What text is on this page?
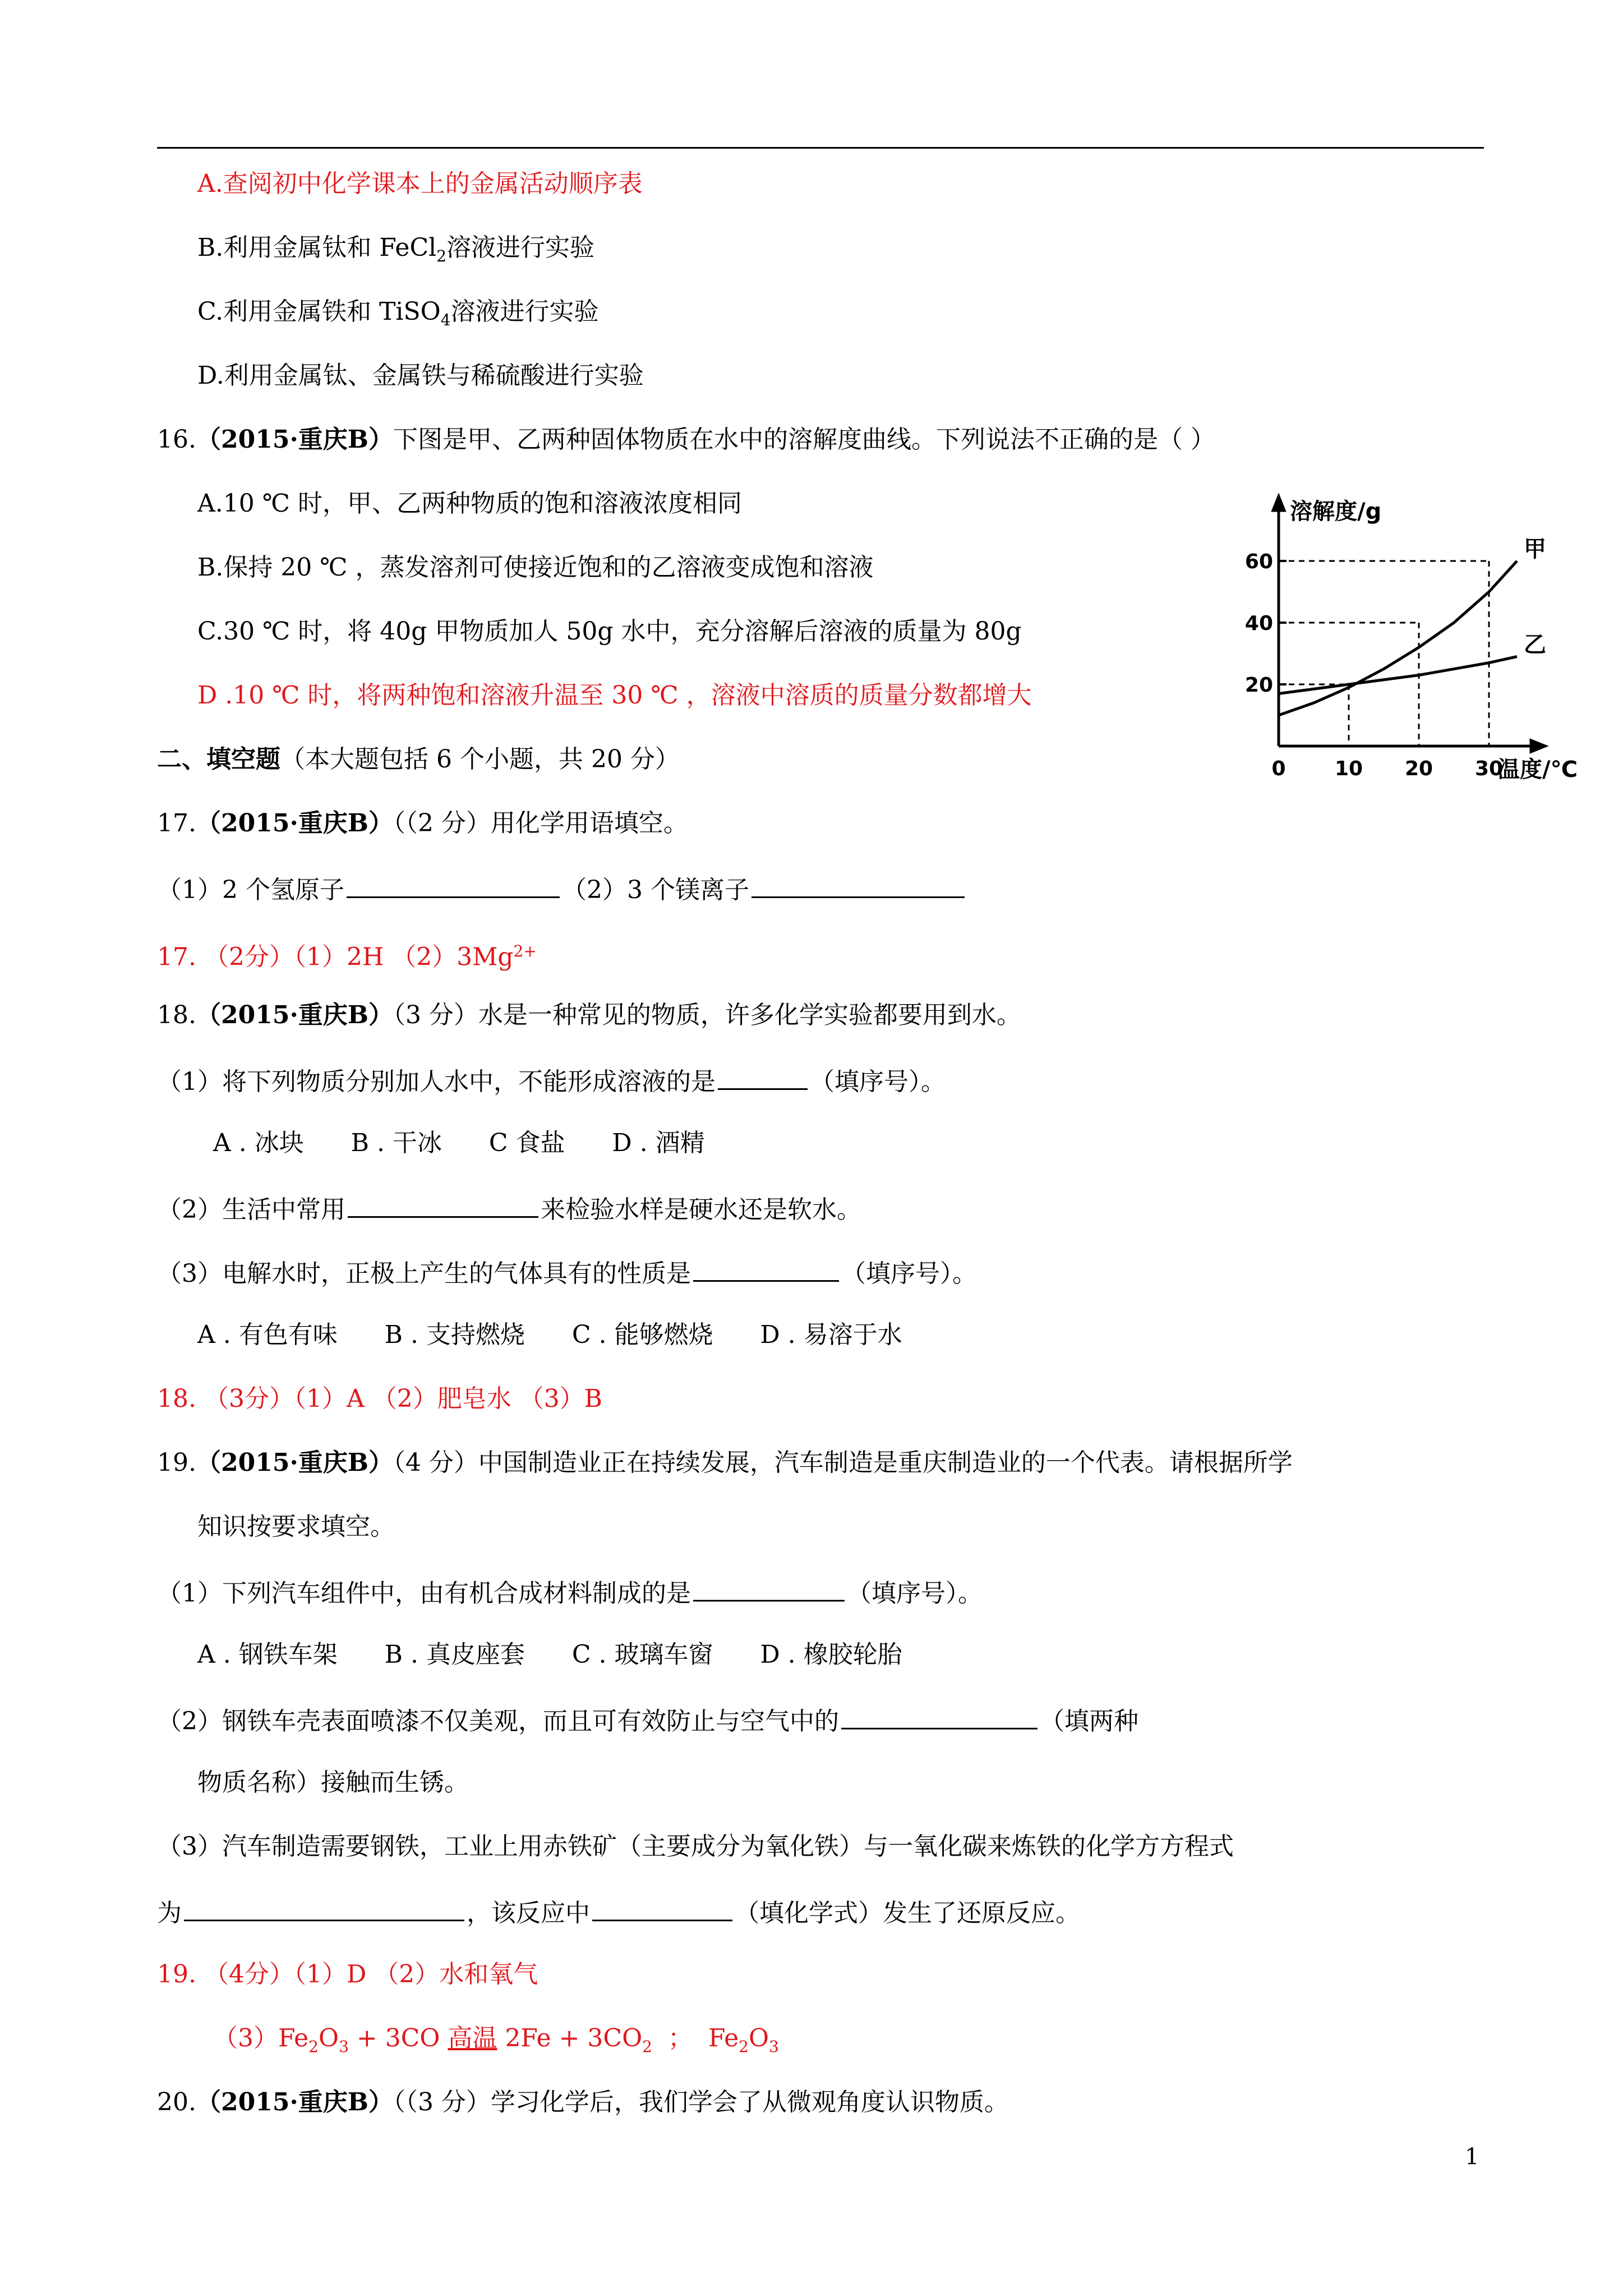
A.查阅初中化学课本上的金属活动顺序表
B.利用金属钛和 FeCl$_2$溶液进行实验
C.利用金属铁和 TiSO$_4$溶液进行实验
D.利用金属钛、金属铁与稀硫酸进行实验
16.（2015·重庆B）下图是甲、乙两种固体物质在水中的溶解度曲线。下列说法不正确的是（ ）
A.10 ℃ 时，甲、乙两种物质的饱和溶液浓度相同
B.保持 20 ℃ ，蒸发溶剂可使接近饱和的乙溶液变成饱和溶液
C.30 ℃ 时，将 40g 甲物质加人 50g 水中，充分溶解后溶液的质量为 80g
D .10 ℃ 时，将两种饱和溶液升温至 30 ℃ ，溶液中溶质的质量分数都增大
甲
乙
0 10 20 30
20
40
60
溶解度/g
温度/℃
二、填空题（本大题包括 6 个小题，共 20 分）
17.（2015·重庆B）（（2 分）用化学用语填空。
（1）2 个氢原子	（2）3 个镁离子
17. （2分）（1）2H $(2)3Mg^{2+}$
18.（2015·重庆B）（3 分）水是一种常见的物质，许多化学实验都要用到水。
（1）将下列物质分别加人水中，不能形成溶液的是	（填序号）。
A . 冰块      B . 干冰      C 食盐      D . 酒精
（2）生活中常用	来检验水样是硬水还是软水。
（3）电解水时，正极上产生的气体具有的性质是	（填序号）。
A . 有色有味      B . 支持燃烧      C . 能够燃烧      D . 易溶于水
18. （3分）（1）A （2）肥皂水 （3）B
19.（2015·重庆B）（4 分）中国制造业正在持续发展，汽车制造是重庆制造业的一个代表。请根据所学
知识按要求填空。
（1）下列汽车组件中，由有机合成材料制成的是	（填序号）。
A . 钢铁车架      B . 真皮座套      C . 玻璃车窗      D . 橡胶轮胎
（2）钢铁车壳表面喷漆不仅美观，而且可有效防止与空气中的	（填两种
物质名称）接触而生锈。
（3）汽车制造需要钢铁，工业上用赤铁矿（主要成分为氧化铁）与一氧化碳来炼铁的化学方方程式
为	，该反应中	（填化学式）发生了还原反应。
19. （4分）（1）D （2）水和氧气
$(3)Fe_2O_3 + 3CO$ 高温 $2Fe + 3CO_2$  ；  $Fe_2O_3$
20.（2015·重庆B）（（3 分）学习化学后，我们学会了从微观角度认识物质。
1
